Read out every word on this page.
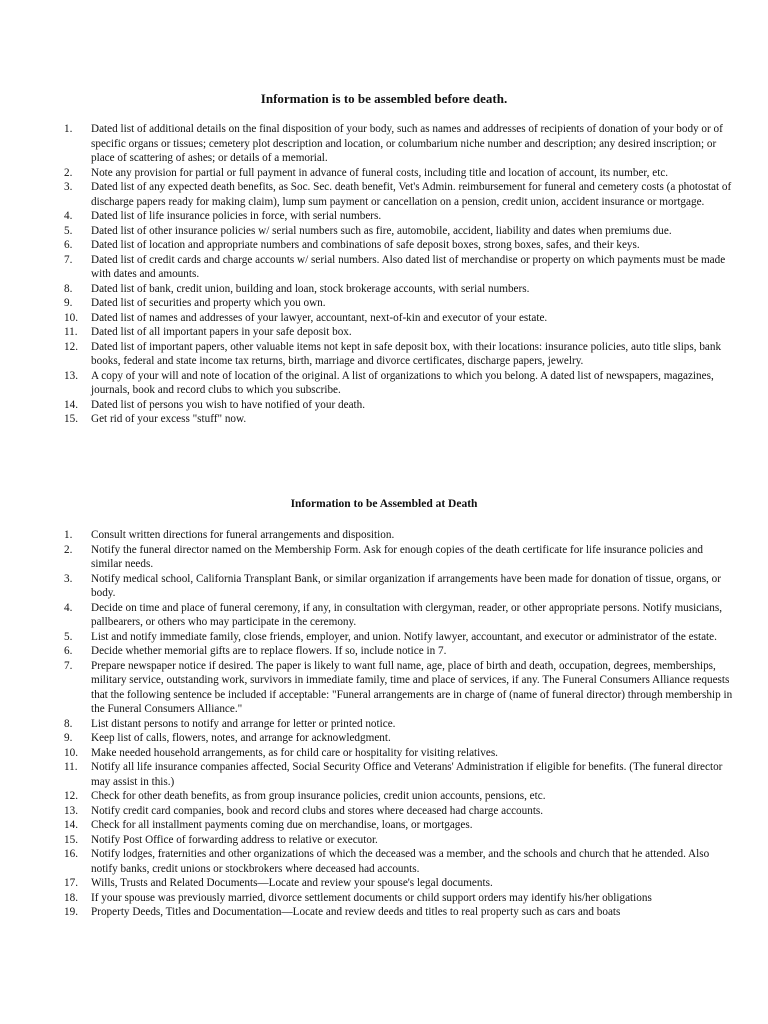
Information is to be assembled before death.
1.	Dated list of additional details on the final disposition of your body, such as names and addresses of recipients of donation of your body or of specific organs or tissues; cemetery plot description and location, or columbarium niche number and description; any desired inscription; or place of scattering of ashes; or details of a memorial.
2.	Note any provision for partial or full payment in advance of funeral costs, including title and location of account, its number, etc.
3.	Dated list of any expected death benefits, as Soc. Sec. death benefit, Vet's Admin. reimbursement for funeral and cemetery costs (a photostat of discharge papers ready for making claim), lump sum payment or cancellation on a pension, credit union, accident insurance or mortgage.
4.	Dated list of life insurance policies in force, with serial numbers.
5.	Dated list of other insurance policies w/ serial numbers such as fire, automobile, accident, liability and dates when premiums due.
6.	Dated list of location and appropriate numbers and combinations of safe deposit boxes, strong boxes, safes, and their keys.
7.	Dated list of credit cards and charge accounts w/ serial numbers. Also dated list of merchandise or property on which payments must be made with dates and amounts.
8.	Dated list of bank, credit union, building and loan, stock brokerage accounts, with serial numbers.
9.	Dated list of securities and property which you own.
10.	Dated list of names and addresses of your lawyer, accountant, next-of-kin and executor of your estate.
11.	Dated list of all important papers in your safe deposit box.
12.	Dated list of important papers, other valuable items not kept in safe deposit box, with their locations: insurance policies, auto title slips, bank books, federal and state income tax returns, birth, marriage and divorce certificates, discharge papers, jewelry.
13.	A copy of your will and note of location of the original. A list of organizations to which you belong. A dated list of newspapers, magazines, journals, book and record clubs to which you subscribe.
14.	Dated list of persons you wish to have notified of your death.
15.	Get rid of your excess "stuff" now.
Information to be Assembled at Death
1.	Consult written directions for funeral arrangements and disposition.
2.	Notify the funeral director named on the Membership Form. Ask for enough copies of the death certificate for life insurance policies and similar needs.
3.	Notify medical school, California Transplant Bank, or similar organization if arrangements have been made for donation of tissue, organs, or body.
4.	Decide on time and place of funeral ceremony, if any, in consultation with clergyman, reader, or other appropriate persons. Notify musicians, pallbearers, or others who may participate in the ceremony.
5.	List and notify immediate family, close friends, employer, and union. Notify lawyer, accountant, and executor or administrator of the estate.
6.	Decide whether memorial gifts are to replace flowers. If so, include notice in 7.
7.	Prepare newspaper notice if desired. The paper is likely to want full name, age, place of birth and death, occupation, degrees, memberships, military service, outstanding work, survivors in immediate family, time and place of services, if any. The Funeral Consumers Alliance requests that the following sentence be included if acceptable: "Funeral arrangements are in charge of (name of funeral director) through membership in the Funeral Consumers Alliance."
8.	List distant persons to notify and arrange for letter or printed notice.
9.	Keep list of calls, flowers, notes, and arrange for acknowledgment.
10.	Make needed household arrangements, as for child care or hospitality for visiting relatives.
11.	Notify all life insurance companies affected, Social Security Office and Veterans' Administration if eligible for benefits. (The funeral director may assist in this.)
12.	Check for other death benefits, as from group insurance policies, credit union accounts, pensions, etc.
13.	Notify credit card companies, book and record clubs and stores where deceased had charge accounts.
14.	Check for all installment payments coming due on merchandise, loans, or mortgages.
15.	Notify Post Office of forwarding address to relative or executor.
16.	Notify lodges, fraternities and other organizations of which the deceased was a member, and the schools and church that he attended. Also notify banks, credit unions or stockbrokers where deceased had accounts.
17.	Wills, Trusts and Related Documents—Locate and review your spouse's legal documents.
18.	If your spouse was previously married, divorce settlement documents or child support orders may identify his/her obligations
19.	Property Deeds, Titles and Documentation—Locate and review deeds and titles to real property such as cars and boats
